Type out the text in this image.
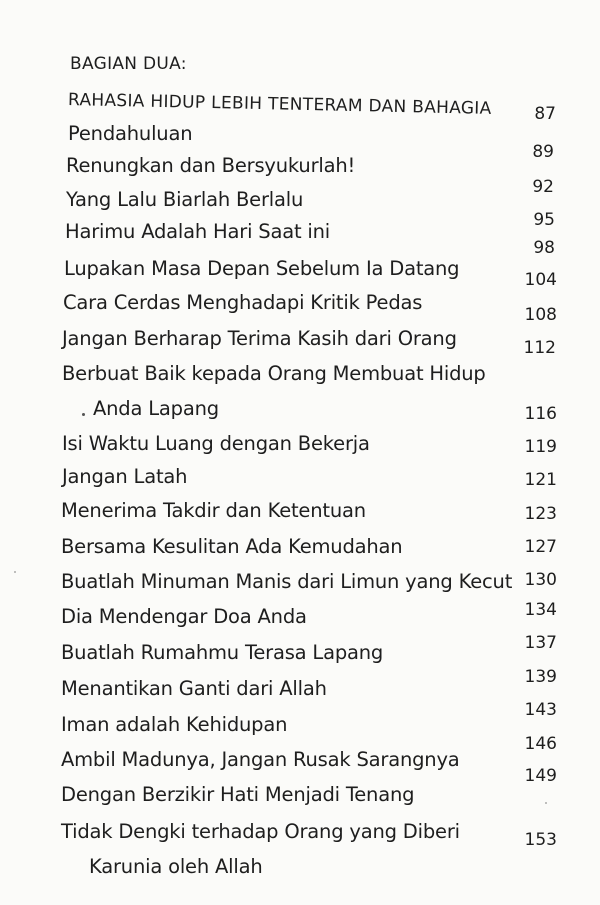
BAGIAN DUA:
RAHASIA HIDUP LEBIH TENTERAM DAN BAHAGIA
Pendahuluan
Renungkan dan Bersyukurlah!
Yang Lalu Biarlah Berlalu
Harimu Adalah Hari Saat ini
Lupakan Masa Depan Sebelum Ia Datang
Cara Cerdas Menghadapi Kritik Pedas
Jangan Berharap Terima Kasih dari Orang
Berbuat Baik kepada Orang Membuat Hidup
Anda Lapang
Isi Waktu Luang dengan Bekerja
Jangan Latah
Menerima Takdir dan Ketentuan
Bersama Kesulitan Ada Kemudahan
Buatlah Minuman Manis dari Limun yang Kecut
Dia Mendengar Doa Anda
Buatlah Rumahmu Terasa Lapang
Menantikan Ganti dari Allah
Iman adalah Kehidupan
Ambil Madunya, Jangan Rusak Sarangnya
Dengan Berzikir Hati Menjadi Tenang
Tidak Dengki terhadap Orang yang Diberi
Karunia oleh Allah
87
89
92
95
98
104
108
112
116
119
121
123
127
130
134
137
139
143
146
149
153
